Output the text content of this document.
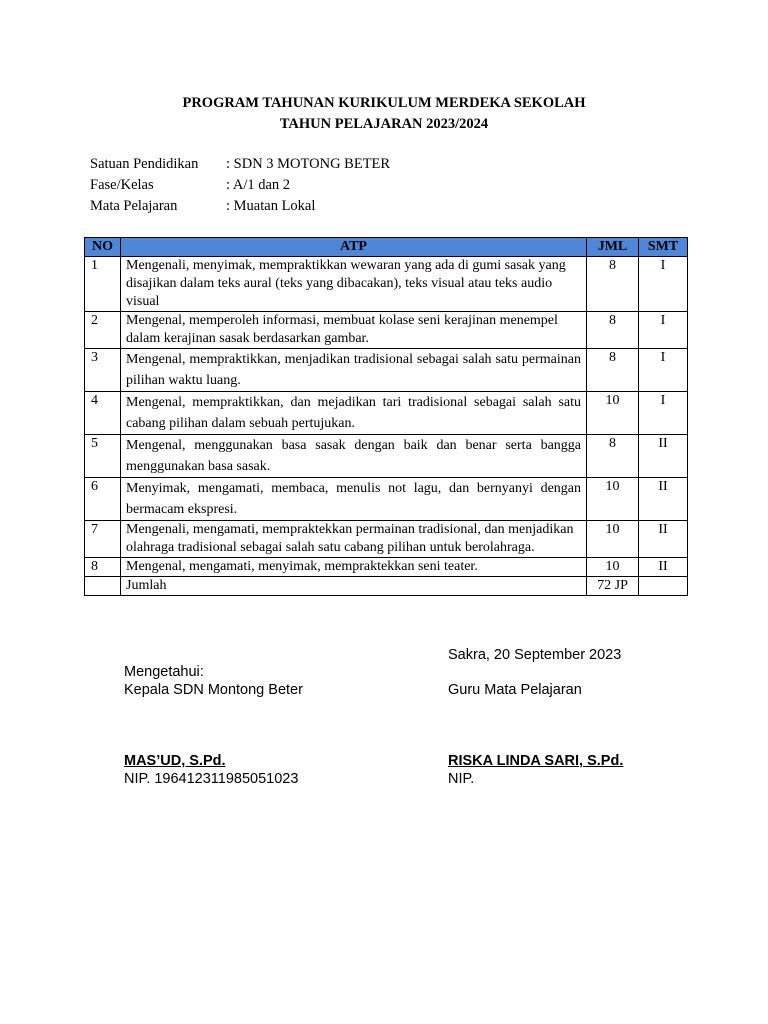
PROGRAM TAHUNAN KURIKULUM MERDEKA SEKOLAH
TAHUN PELAJARAN 2023/2024
Satuan Pendidikan	: SDN 3 MOTONG BETER
Fase/Kelas	: A/1 dan 2
Mata Pelajaran	: Muatan Lokal
NO	ATP	JML	SMT
1	Mengenali, menyimak, mempraktikkan wewaran yang ada di gumi sasak yang disajikan dalam teks aural (teks yang dibacakan), teks visual atau teks audio visual	8	I
2	Mengenal, memperoleh informasi, membuat kolase seni kerajinan menempel dalam kerajinan sasak berdasarkan gambar.	8	I
3	Mengenal, mempraktikkan, menjadikan tradisional sebagai salah satu permainan pilihan waktu luang.	8	I
4	Mengenal, mempraktikkan, dan mejadikan tari tradisional sebagai salah satu cabang pilihan dalam sebuah pertujukan.	10	I
5	Mengenal, menggunakan basa sasak dengan baik dan benar serta bangga menggunakan basa sasak.	8	II
6	Menyimak, mengamati, membaca, menulis not lagu, dan bernyanyi dengan bermacam ekspresi.	10	II
7	Mengenali, mengamati, mempraktekkan permainan tradisional, dan menjadikan olahraga tradisional sebagai salah satu cabang pilihan untuk berolahraga.	10	II
8	Mengenal, mengamati, menyimak, mempraktekkan seni teater.	10	II
	Jumlah	72 JP	
Sakra, 20 September 2023
Mengetahui:
Kepala SDN Montong Beter
MAS’UD, S.Pd.
NIP. 196412311985051023
Guru Mata Pelajaran
RISKA LINDA SARI, S.Pd.
NIP.
